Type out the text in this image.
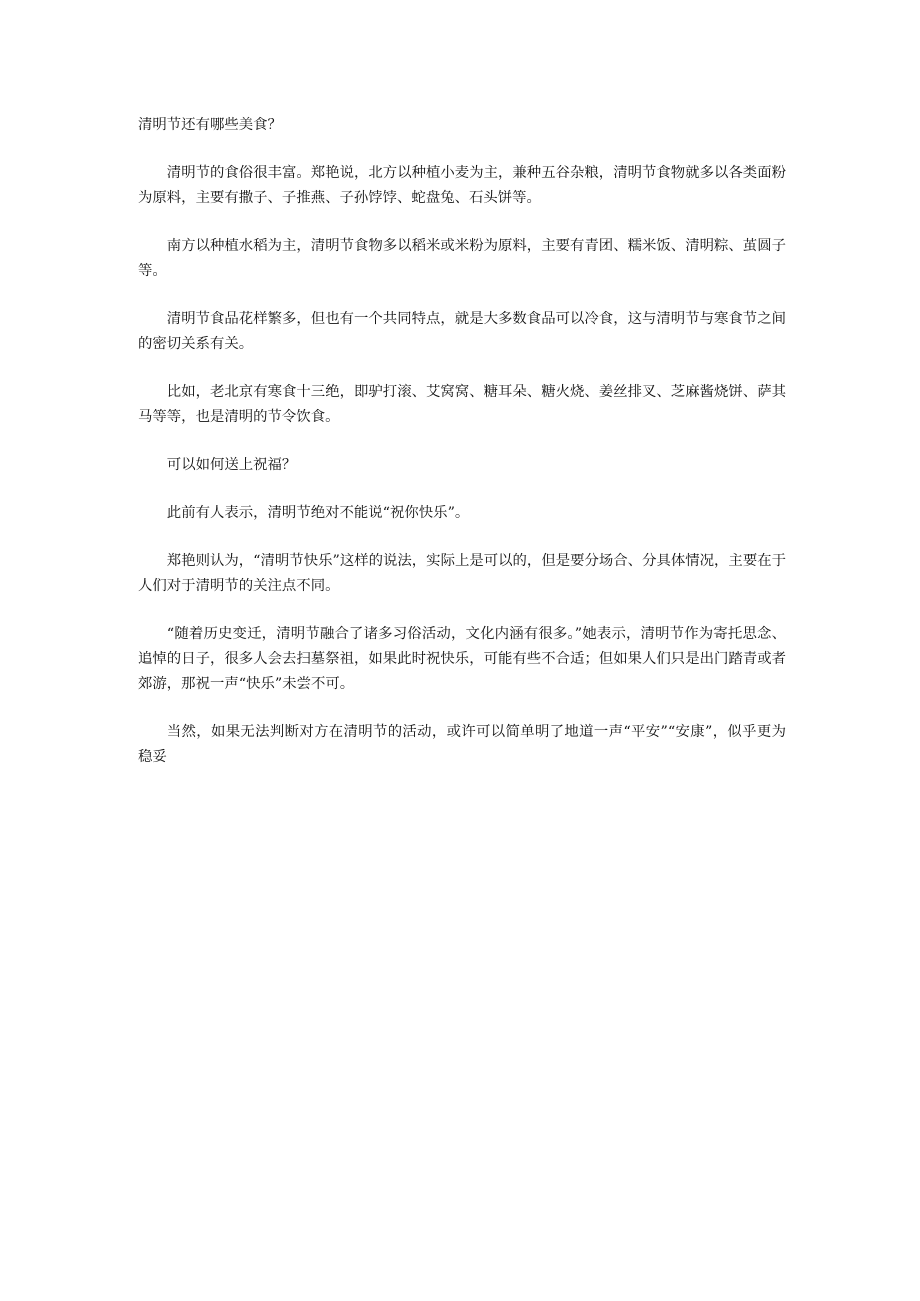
清明节还有哪些美食？

清明节的食俗很丰富。郑艳说，北方以种植小麦为主，兼种五谷杂粮，清明节食物就多以各类面粉为原料，主要有撒子、子推燕、子孙饽饽、蛇盘兔、石头饼等。

南方以种植水稻为主，清明节食物多以稻米或米粉为原料，主要有青团、糯米饭、清明粽、茧圆子等。

清明节食品花样繁多，但也有一个共同特点，就是大多数食品可以冷食，这与清明节与寒食节之间的密切关系有关。

比如，老北京有寒食十三绝，即驴打滚、艾窝窝、糖耳朵、糖火烧、姜丝排叉、芝麻酱烧饼、萨其马等等，也是清明的节令饮食。

可以如何送上祝福？

此前有人表示，清明节绝对不能说“祝你快乐”。

郑艳则认为，“清明节快乐”这样的说法，实际上是可以的，但是要分场合、分具体情况，主要在于人们对于清明节的关注点不同。

“随着历史变迁，清明节融合了诸多习俗活动，文化内涵有很多。”她表示，清明节作为寄托思念、追悼的日子，很多人会去扫墓祭祖，如果此时祝快乐，可能有些不合适；但如果人们只是出门踏青或者郊游，那祝一声“快乐”未尝不可。

当然，如果无法判断对方在清明节的活动，或许可以简单明了地道一声“平安”“安康”，似乎更为稳妥
